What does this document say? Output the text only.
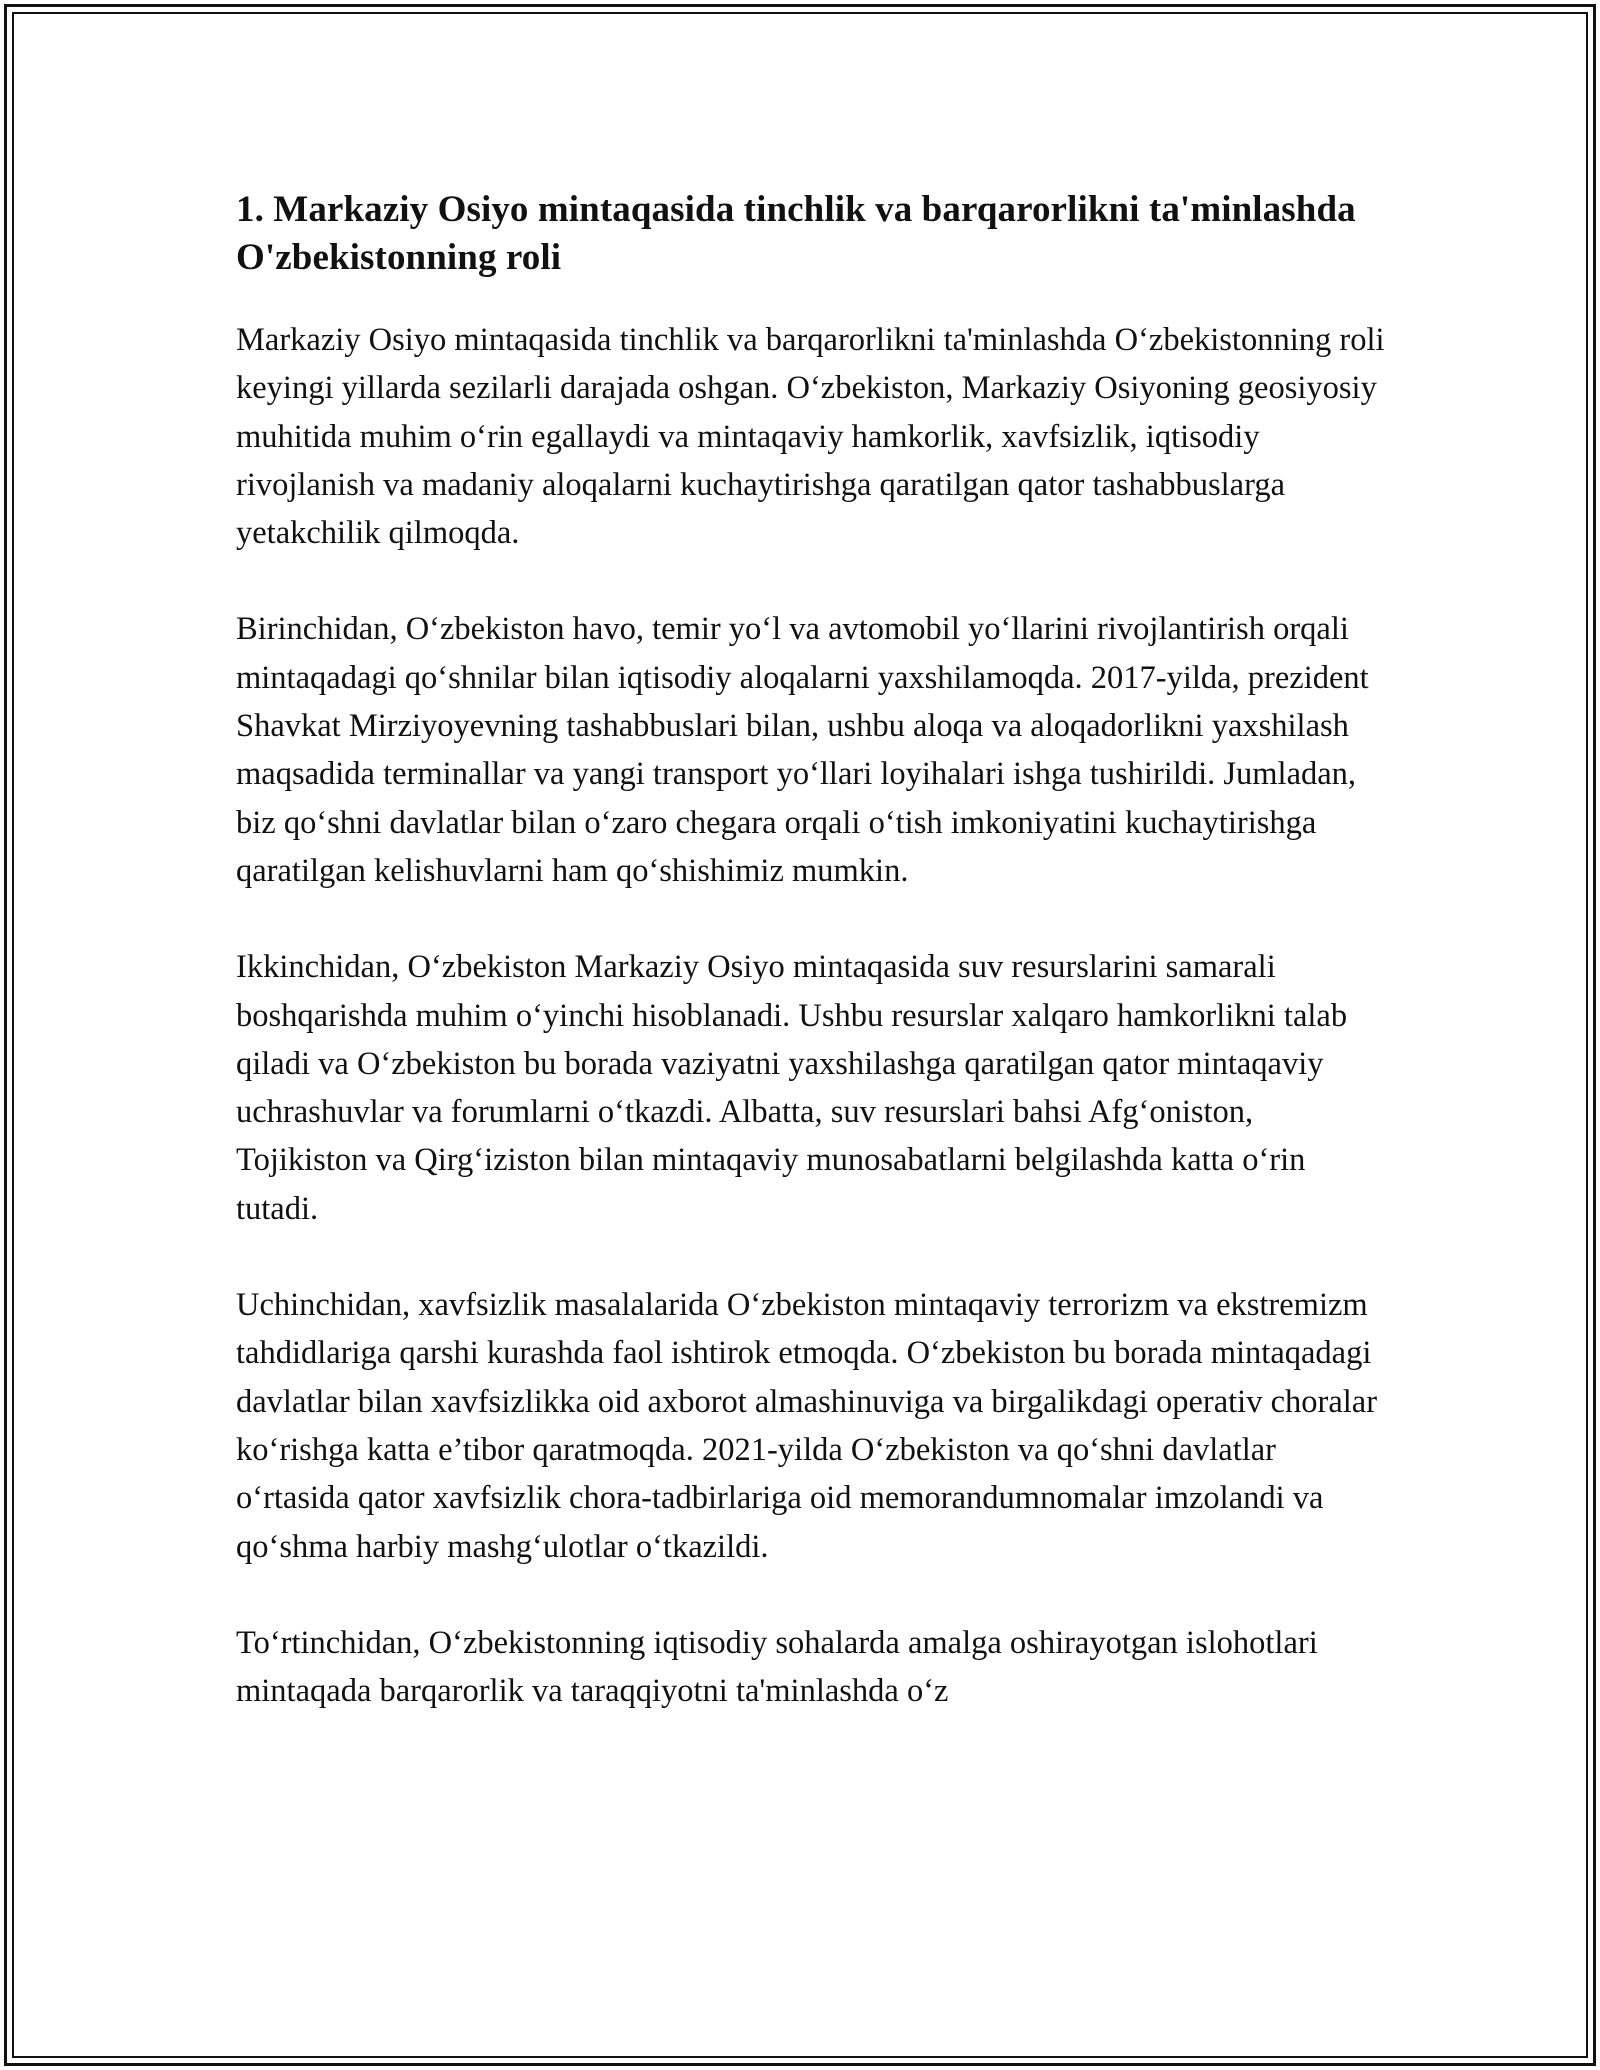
1. Markaziy Osiyo mintaqasida tinchlik va barqarorlikni ta'minlashda O'zbekistonning roli

Markaziy Osiyo mintaqasida tinchlik va barqarorlikni ta'minlashda O‘zbekistonning roli keyingi yillarda sezilarli darajada oshgan. O‘zbekiston, Markaziy Osiyoning geosiyosiy muhitida muhim o‘rin egallaydi va mintaqaviy hamkorlik, xavfsizlik, iqtisodiy rivojlanish va madaniy aloqalarni kuchaytirishga qaratilgan qator tashabbuslarga yetakchilik qilmoqda.

Birinchidan, O‘zbekiston havo, temir yo‘l va avtomobil yo‘llarini rivojlantirish orqali mintaqadagi qo‘shnilar bilan iqtisodiy aloqalarni yaxshilamoqda. 2017-yilda, prezident Shavkat Mirziyoyevning tashabbuslari bilan, ushbu aloqa va aloqadorlikni yaxshilash maqsadida terminallar va yangi transport yo‘llari loyihalari ishga tushirildi. Jumladan, biz qo‘shni davlatlar bilan o‘zaro chegara orqali o‘tish imkoniyatini kuchaytirishga qaratilgan kelishuvlarni ham qo‘shishimiz mumkin.

Ikkinchidan, O‘zbekiston Markaziy Osiyo mintaqasida suv resurslarini samarali boshqarishda muhim o‘yinchi hisoblanadi. Ushbu resurslar xalqaro hamkorlikni talab qiladi va O‘zbekiston bu borada vaziyatni yaxshilashga qaratilgan qator mintaqaviy uchrashuvlar va forumlarni o‘tkazdi. Albatta, suv resurslari bahsi Afg‘oniston, Tojikiston va Qirg‘iziston bilan mintaqaviy munosabatlarni belgilashda katta o‘rin tutadi.

Uchinchidan, xavfsizlik masalalarida O‘zbekiston mintaqaviy terrorizm va ekstremizm tahdidlariga qarshi kurashda faol ishtirok etmoqda. O‘zbekiston bu borada mintaqadagi davlatlar bilan xavfsizlikka oid axborot almashinuviga va birgalikdagi operativ choralar ko‘rishga katta e’tibor qaratmoqda. 2021-yilda O‘zbekiston va qo‘shni davlatlar o‘rtasida qator xavfsizlik chora-tadbirlariga oid memorandumnomalar imzolandi va qo‘shma harbiy mashg‘ulotlar o‘tkazildi.

To‘rtinchidan, O‘zbekistonning iqtisodiy sohalarda amalga oshirayotgan islohotlari mintaqada barqarorlik va taraqqiyotni ta'minlashda o‘z
